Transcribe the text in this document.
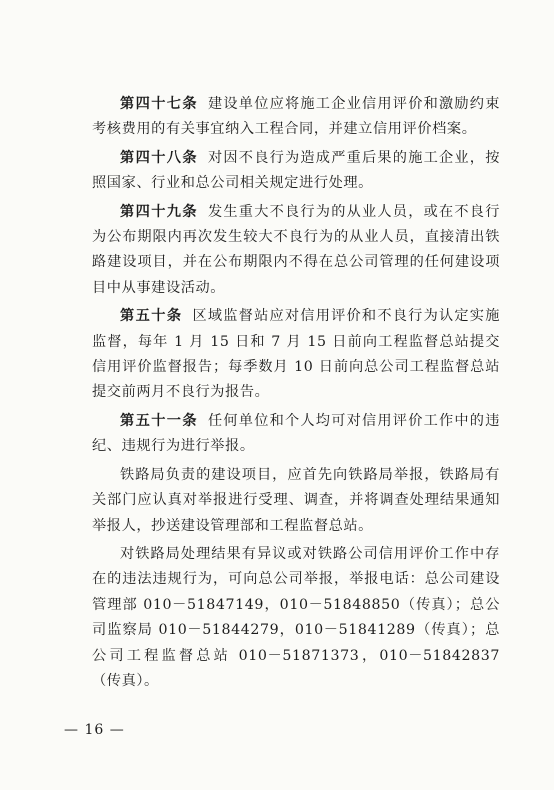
第四十七条 建设单位应将施工企业信用评价和激励约束考核费用的有关事宜纳入工程合同，并建立信用评价档案。

第四十八条 对因不良行为造成严重后果的施工企业，按照国家、行业和总公司相关规定进行处理。

第四十九条 发生重大不良行为的从业人员，或在不良行为公布期限内再次发生较大不良行为的从业人员，直接清出铁路建设项目，并在公布期限内不得在总公司管理的任何建设项目中从事建设活动。

第五十条 区域监督站应对信用评价和不良行为认定实施监督，每年 1 月 15 日和 7 月 15 日前向工程监督总站提交信用评价监督报告；每季数月 10 日前向总公司工程监督总站提交前两月不良行为报告。

第五十一条 任何单位和个人均可对信用评价工作中的违纪、违规行为进行举报。

铁路局负责的建设项目，应首先向铁路局举报，铁路局有关部门应认真对举报进行受理、调查，并将调查处理结果通知举报人，抄送建设管理部和工程监督总站。

对铁路局处理结果有异议或对铁路公司信用评价工作中存在的违法违规行为，可向总公司举报，举报电话：总公司建设管理部 010－51847149，010－51848850（传真）；总公司监察局 010－51844279，010－51841289（传真）；总公司工程监督总站 010－51871373，010－51842837（传真）。

— 16 —
